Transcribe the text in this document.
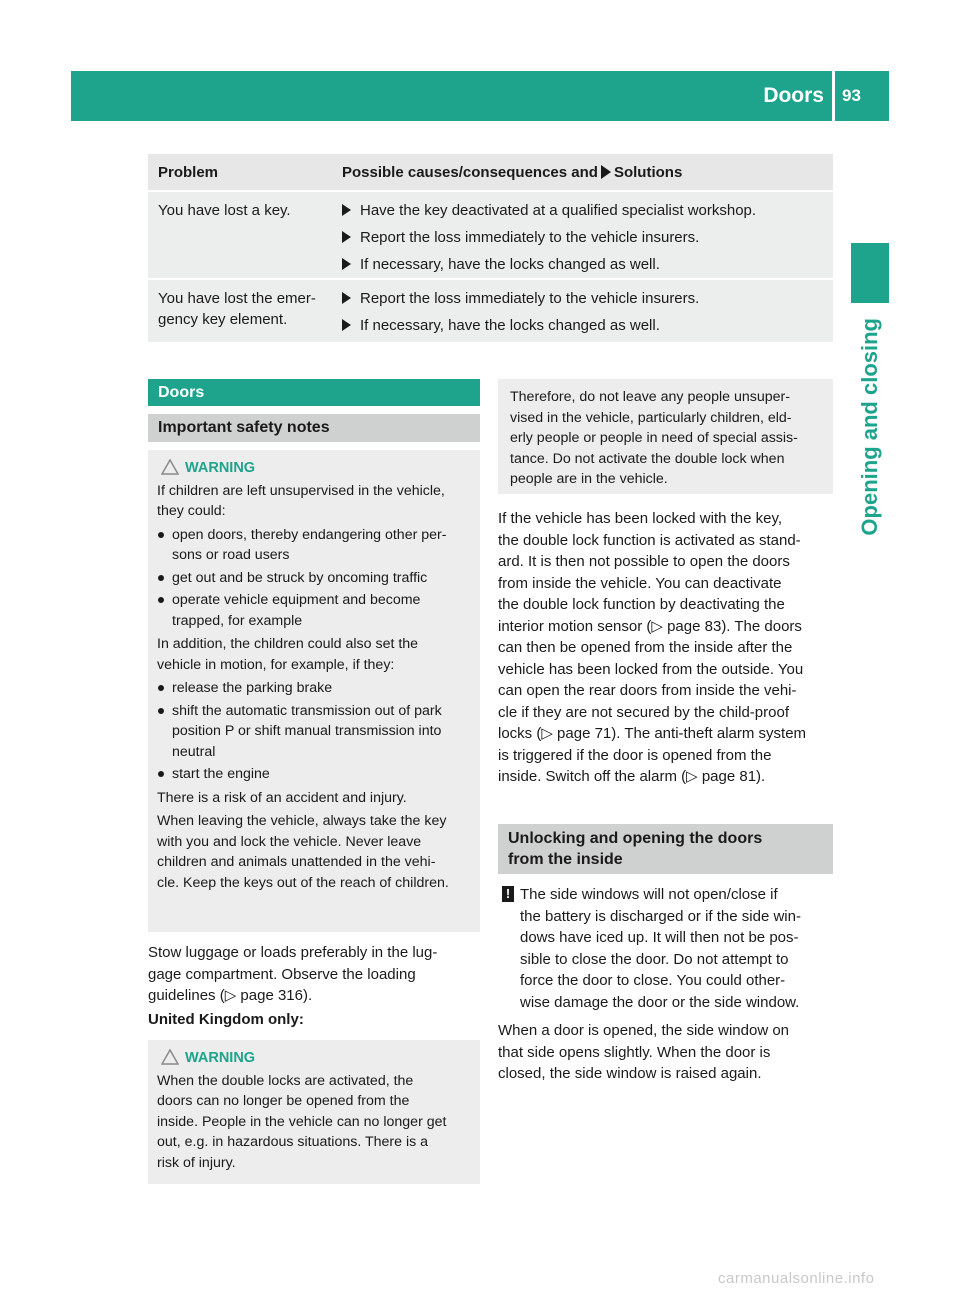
Doors 93
Opening and closing
Problem	Possible causes/consequences and Solutions
You have lost a key.	Have the key deactivated at a qualified specialist workshop.
Report the loss immediately to the vehicle insurers.
If necessary, have the locks changed as well.
You have lost the emer-
gency key element.
Report the loss immediately to the vehicle insurers.
If necessary, have the locks changed as well.
Doors
Important safety notes
WARNING
If children are left unsupervised in the vehicle,
they could:
open doors, thereby endangering other per-
sons or road users
get out and be struck by oncoming traffic
operate vehicle equipment and become
trapped, for example
In addition, the children could also set the
vehicle in motion, for example, if they:
release the parking brake
shift the automatic transmission out of park
position P or shift manual transmission into
neutral
start the engine
There is a risk of an accident and injury.
When leaving the vehicle, always take the key
with you and lock the vehicle. Never leave
children and animals unattended in the vehi-
cle. Keep the keys out of the reach of children.
Stow luggage or loads preferably in the lug-
gage compartment. Observe the loading
guidelines (▷ page 316).
United Kingdom only:
WARNING
When the double locks are activated, the
doors can no longer be opened from the
inside. People in the vehicle can no longer get
out, e.g. in hazardous situations. There is a
risk of injury.
Therefore, do not leave any people unsuper-
vised in the vehicle, particularly children, eld-
erly people or people in need of special assis-
tance. Do not activate the double lock when
people are in the vehicle.
If the vehicle has been locked with the key,
the double lock function is activated as stand-
ard. It is then not possible to open the doors
from inside the vehicle. You can deactivate
the double lock function by deactivating the
interior motion sensor (▷ page 83). The doors
can then be opened from the inside after the
vehicle has been locked from the outside. You
can open the rear doors from inside the vehi-
cle if they are not secured by the child-proof
locks (▷ page 71). The anti-theft alarm system
is triggered if the door is opened from the
inside. Switch off the alarm (▷ page 81).
Unlocking and opening the doors
from the inside
! The side windows will not open/close if
the battery is discharged or if the side win-
dows have iced up. It will then not be pos-
sible to close the door. Do not attempt to
force the door to close. You could other-
wise damage the door or the side window.
When a door is opened, the side window on
that side opens slightly. When the door is
closed, the side window is raised again.
carmanualsonline.info
